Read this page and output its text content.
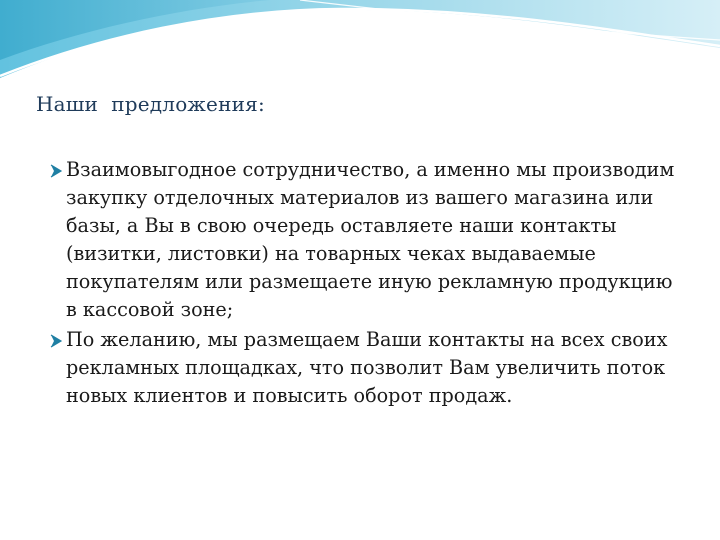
Наши  предложения:
Взаимовыгодное сотрудничество, а именно мы производим закупку отделочных материалов из вашего магазина или базы, а Вы в свою очередь оставляете наши контакты (визитки, листовки) на товарных чеках выдаваемые покупателям или размещаете иную рекламную продукцию в кассовой зоне;
По желанию, мы размещаем Ваши контакты на всех своих рекламных площадках, что позволит Вам увеличить поток новых клиентов и повысить оборот продаж.
